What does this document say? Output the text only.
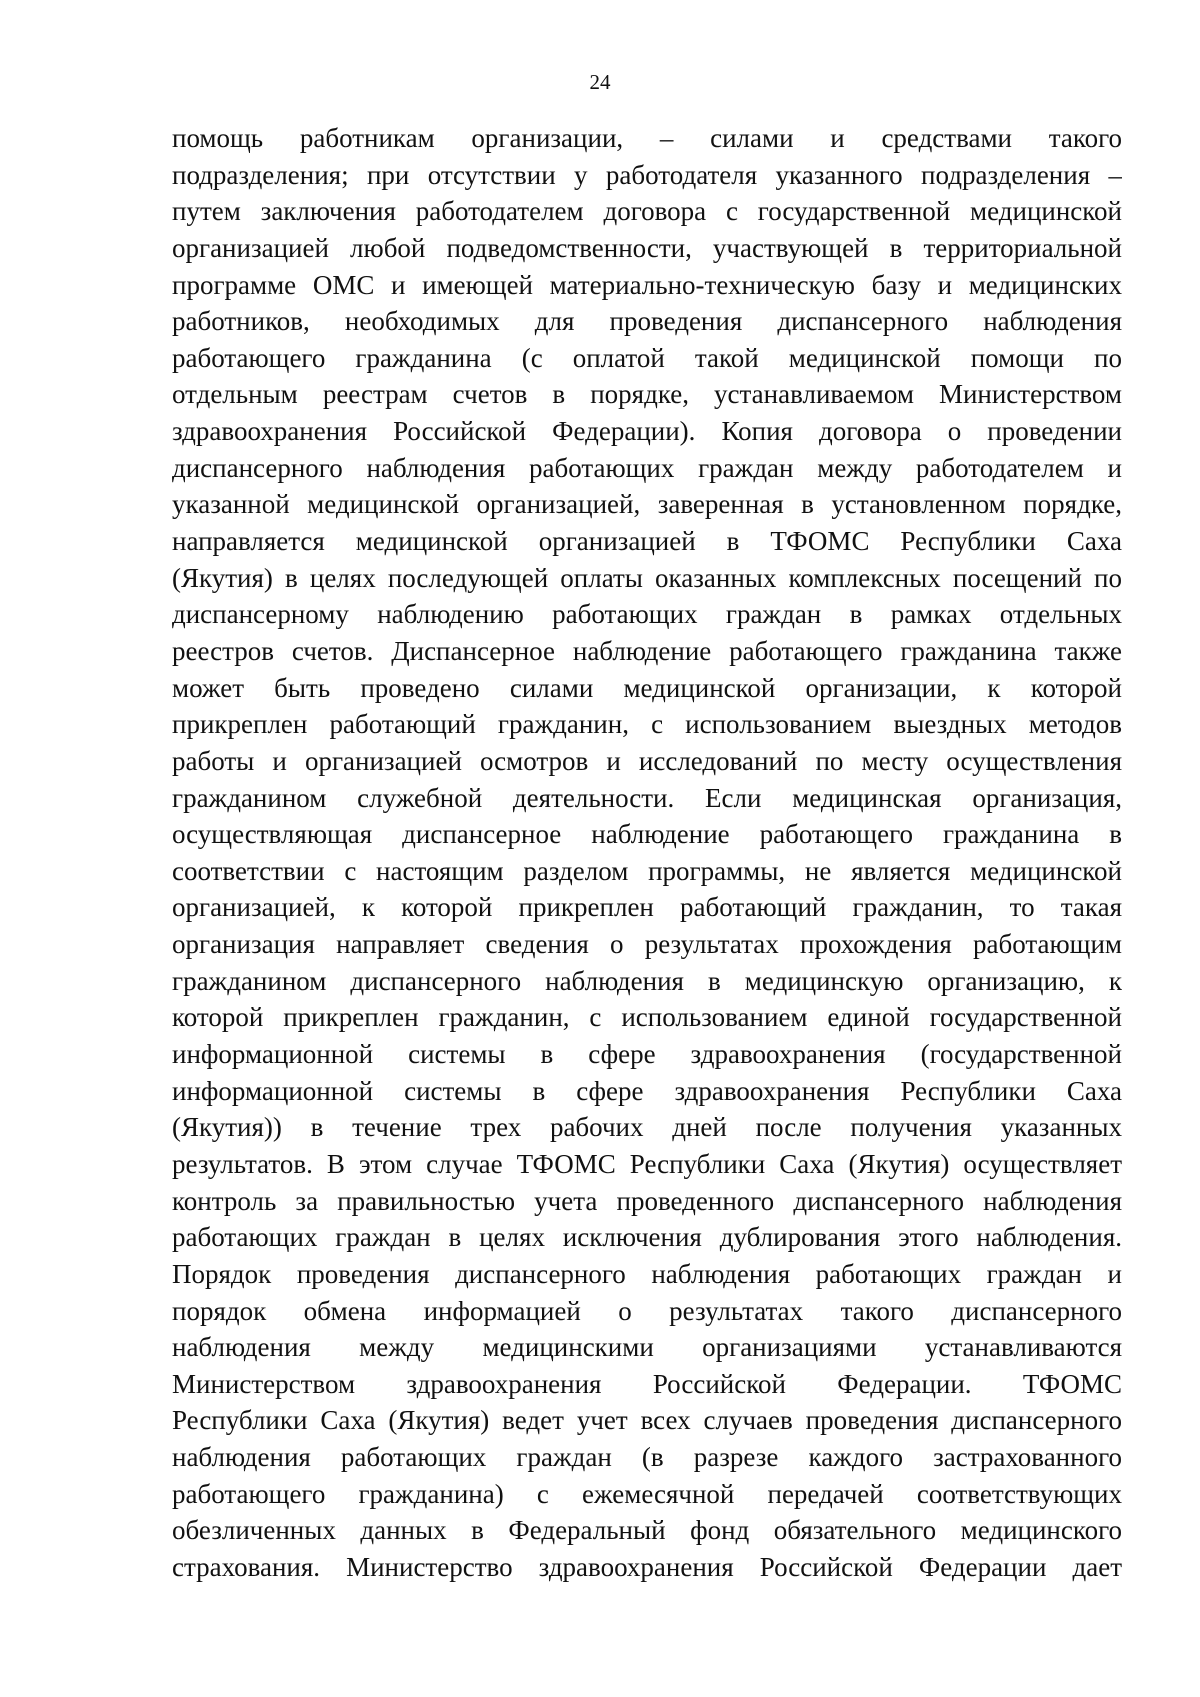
24
помощь работникам организации, – силами и средствами такого
подразделения; при отсутствии у работодателя указанного подразделения –
путем заключения работодателем договора с государственной медицинской
организацией любой подведомственности, участвующей в территориальной
программе ОМС и имеющей материально-техническую базу и медицинских
работников, необходимых для проведения диспансерного наблюдения
работающего гражданина (с оплатой такой медицинской помощи по
отдельным реестрам счетов в порядке, устанавливаемом Министерством
здравоохранения Российской Федерации). Копия договора о проведении
диспансерного наблюдения работающих граждан между работодателем и
указанной медицинской организацией, заверенная в установленном порядке,
направляется медицинской организацией в ТФОМС Республики Саха
(Якутия) в целях последующей оплаты оказанных комплексных посещений по
диспансерному наблюдению работающих граждан в рамках отдельных
реестров счетов. Диспансерное наблюдение работающего гражданина также
может быть проведено силами медицинской организации, к которой
прикреплен работающий гражданин, с использованием выездных методов
работы и организацией осмотров и исследований по месту осуществления
гражданином служебной деятельности. Если медицинская организация,
осуществляющая диспансерное наблюдение работающего гражданина в
соответствии с настоящим разделом программы, не является медицинской
организацией, к которой прикреплен работающий гражданин, то такая
организация направляет сведения о результатах прохождения работающим
гражданином диспансерного наблюдения в медицинскую организацию, к
которой прикреплен гражданин, с использованием единой государственной
информационной системы в сфере здравоохранения (государственной
информационной системы в сфере здравоохранения Республики Саха
(Якутия)) в течение трех рабочих дней после получения указанных
результатов. В этом случае ТФОМС Республики Саха (Якутия) осуществляет
контроль за правильностью учета проведенного диспансерного наблюдения
работающих граждан в целях исключения дублирования этого наблюдения.
Порядок проведения диспансерного наблюдения работающих граждан и
порядок обмена информацией о результатах такого диспансерного
наблюдения между медицинскими организациями устанавливаются
Министерством здравоохранения Российской Федерации. ТФОМС
Республики Саха (Якутия) ведет учет всех случаев проведения диспансерного
наблюдения работающих граждан (в разрезе каждого застрахованного
работающего гражданина) с ежемесячной передачей соответствующих
обезличенных данных в Федеральный фонд обязательного медицинского
страхования. Министерство здравоохранения Российской Федерации дает
